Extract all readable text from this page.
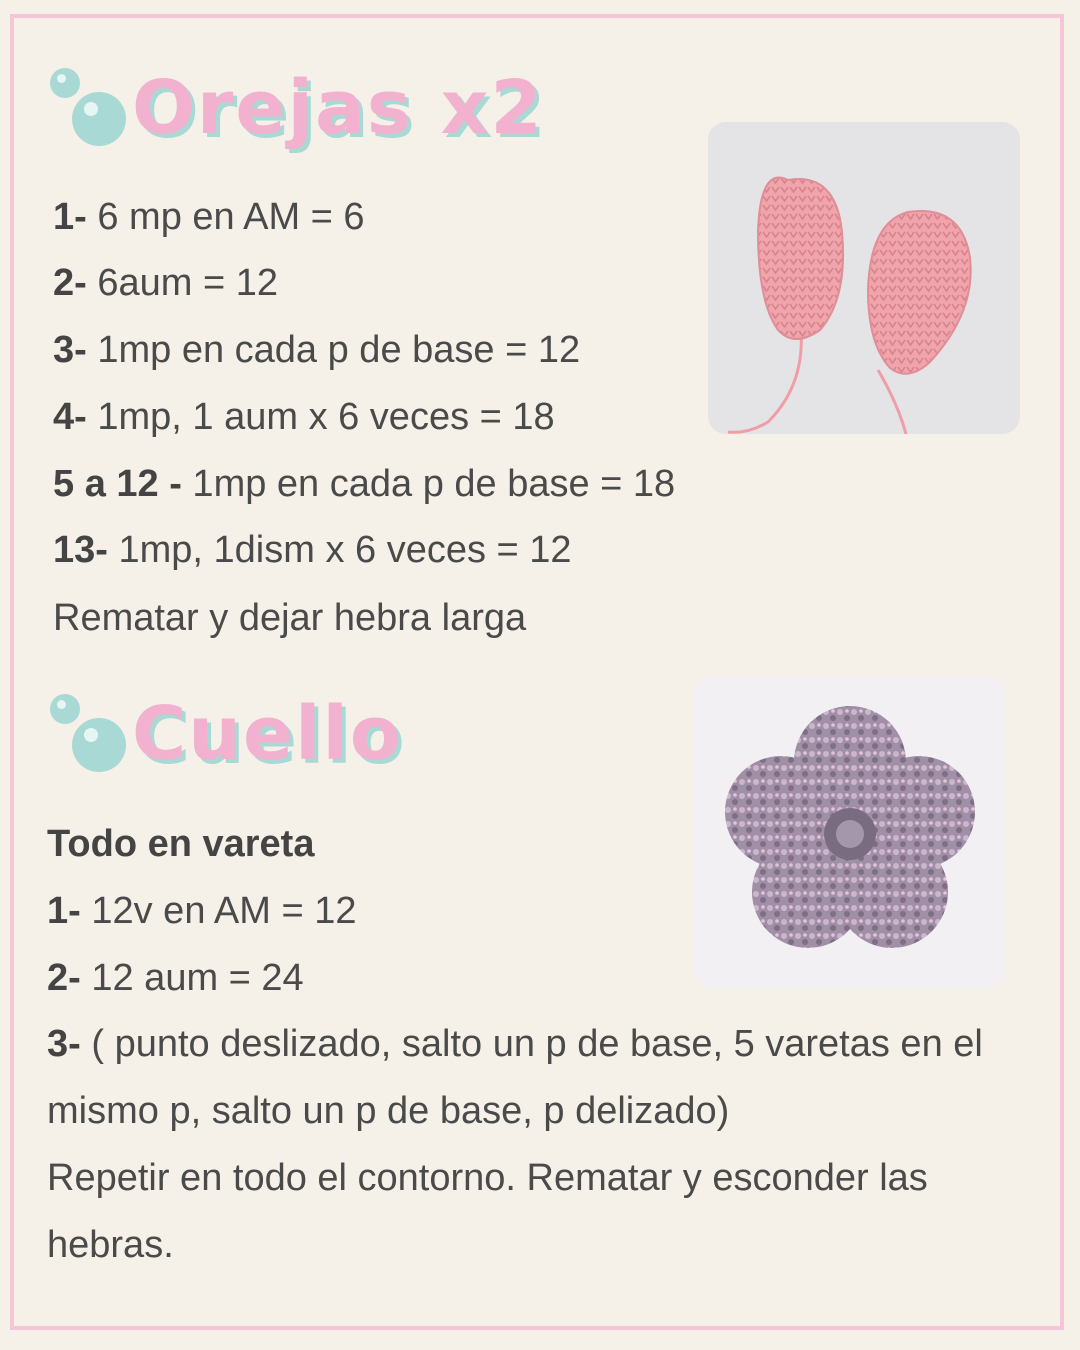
Orejas x2
1- 6 mp en AM = 6
2- 6aum = 12
3- 1mp en cada p de base = 12
4- 1mp, 1 aum x 6 veces = 18
5 a 12 - 1mp en cada p de base = 18
13- 1mp, 1dism x 6 veces = 12
Rematar y dejar hebra larga
Cuello
Todo en vareta
1- 12v en AM = 12
2- 12 aum = 24
3- ( punto deslizado, salto un p de base, 5 varetas en el mismo p, salto un p de base, p delizado)
Repetir en todo el contorno. Rematar y esconder las hebras.
